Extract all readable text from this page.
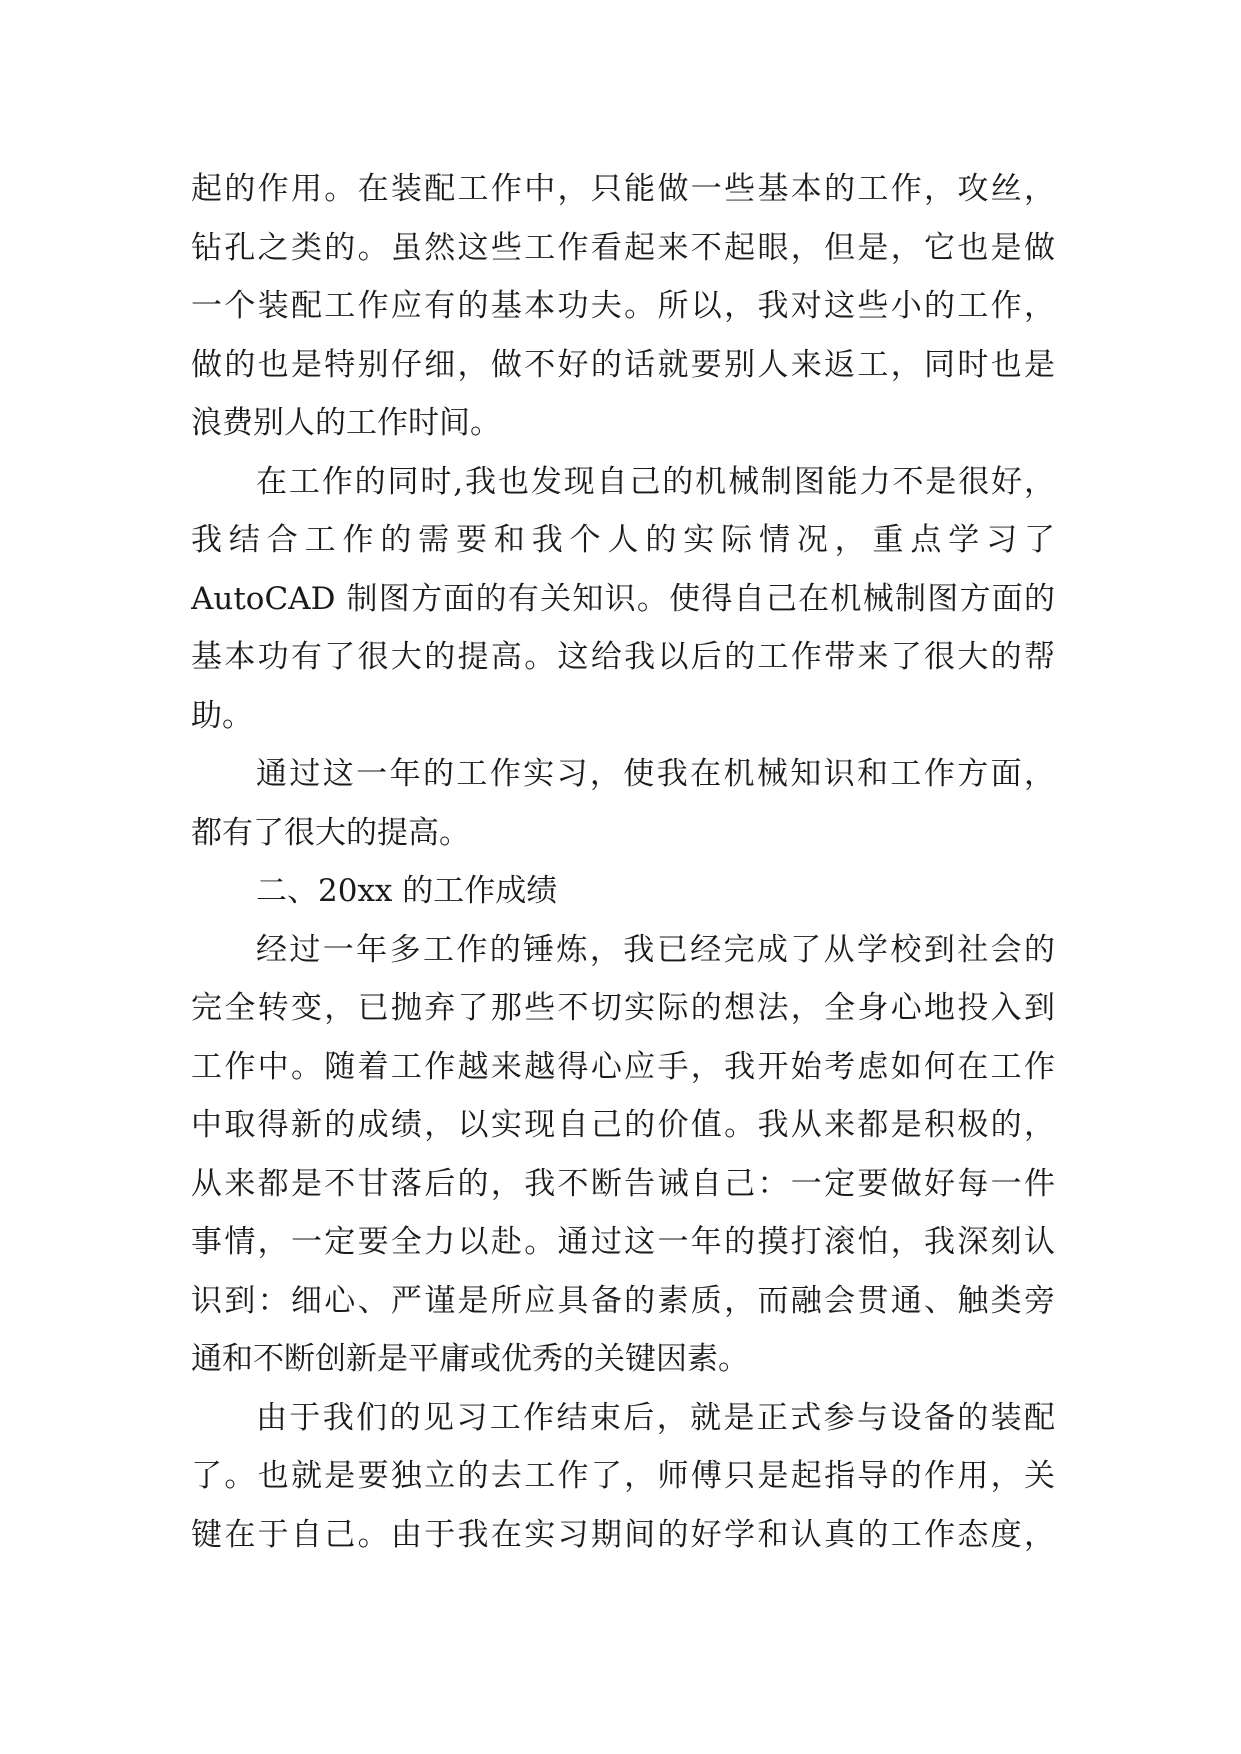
起的作用。在装配工作中，只能做一些基本的工作，攻丝，
钻孔之类的。虽然这些工作看起来不起眼，但是，它也是做
一个装配工作应有的基本功夫。所以，我对这些小的工作，
做的也是特别仔细，做不好的话就要别人来返工，同时也是
浪费别人的工作时间。
在工作的同时,我也发现自己的机械制图能力不是很好，
我结合工作的需要和我个人的实际情况，重点学习了
AutoCAD 制图方面的有关知识。使得自己在机械制图方面的
基本功有了很大的提高。这给我以后的工作带来了很大的帮
助。
通过这一年的工作实习，使我在机械知识和工作方面，
都有了很大的提高。
二、20xx 的工作成绩
经过一年多工作的锤炼，我已经完成了从学校到社会的
完全转变，已抛弃了那些不切实际的想法，全身心地投入到
工作中。随着工作越来越得心应手，我开始考虑如何在工作
中取得新的成绩，以实现自己的价值。我从来都是积极的，
从来都是不甘落后的，我不断告诫自己：一定要做好每一件
事情，一定要全力以赴。通过这一年的摸打滚怕，我深刻认
识到：细心、严谨是所应具备的素质，而融会贯通、触类旁
通和不断创新是平庸或优秀的关键因素。
由于我们的见习工作结束后，就是正式参与设备的装配
了。也就是要独立的去工作了，师傅只是起指导的作用，关
键在于自己。由于我在实习期间的好学和认真的工作态度，
